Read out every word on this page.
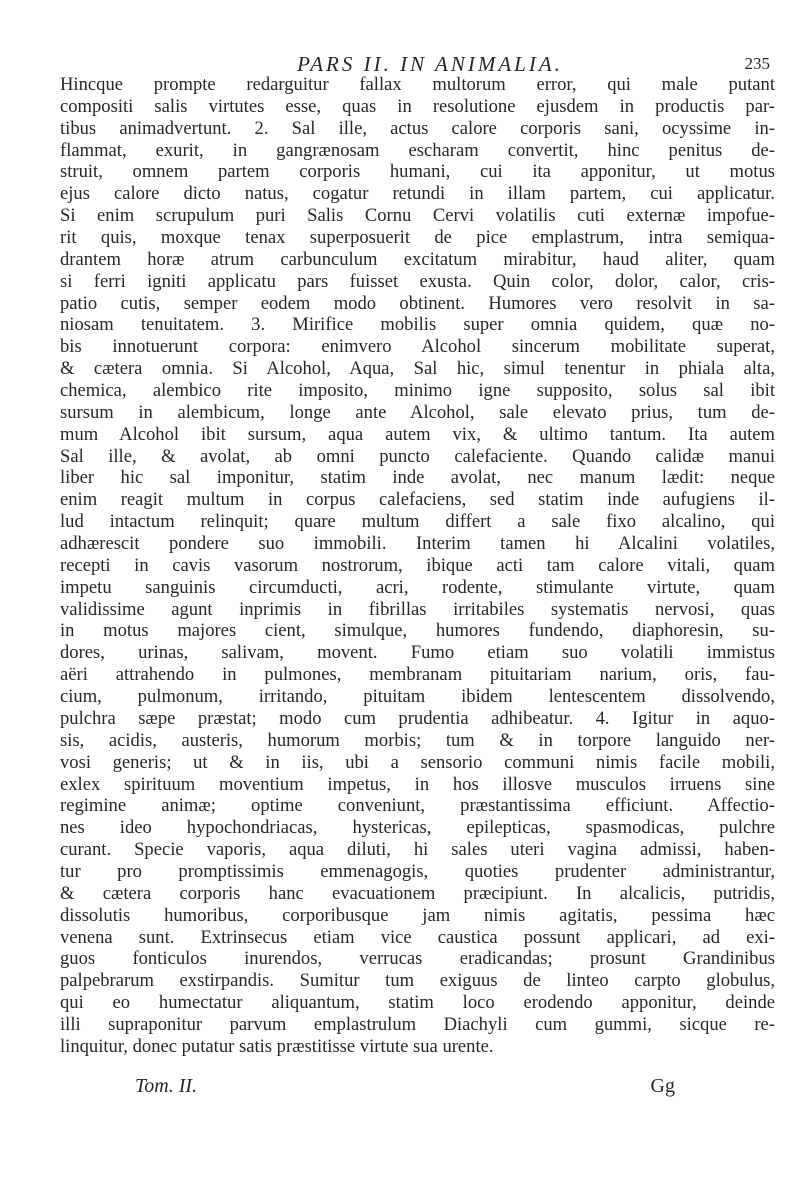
PARS II. IN ANIMALIA.	235
Hincque prompte redarguitur fallax multorum error, qui male putant
compositi salis virtutes esse, quas in resolutione ejusdem in productis par-
tibus animadvertunt. 2. Sal ille, actus calore corporis sani, ocyssime in-
flammat, exurit, in gangrænosam escharam convertit, hinc penitus de-
struit, omnem partem corporis humani, cui ita apponitur, ut motus
ejus calore dicto natus, cogatur retundi in illam partem, cui applicatur.
Si enim scrupulum puri Salis Cornu Cervi volatilis cuti externæ impofue-
rit quis, moxque tenax superposuerit de pice emplastrum, intra semiqua-
drantem horæ atrum carbunculum excitatum mirabitur, haud aliter, quam
si ferri igniti applicatu pars fuisset exusta. Quin color, dolor, calor, cris-
patio cutis, semper eodem modo obtinent. Humores vero resolvit in sa-
niosam tenuitatem. 3. Mirifice mobilis super omnia quidem, quæ no-
bis innotuerunt corpora: enimvero Alcohol sincerum mobilitate superat,
& cætera omnia. Si Alcohol, Aqua, Sal hic, simul tenentur in phiala alta,
chemica, alembico rite imposito, minimo igne supposito, solus sal ibit
sursum in alembicum, longe ante Alcohol, sale elevato prius, tum de-
mum Alcohol ibit sursum, aqua autem vix, & ultimo tantum. Ita autem
Sal ille, & avolat, ab omni puncto calefaciente. Quando calidæ manui
liber hic sal imponitur, statim inde avolat, nec manum lædit: neque
enim reagit multum in corpus calefaciens, sed statim inde aufugiens il-
lud intactum relinquit; quare multum differt a sale fixo alcalino, qui
adhærescit pondere suo immobili. Interim tamen hi Alcalini volatiles,
recepti in cavis vasorum nostrorum, ibique acti tam calore vitali, quam
impetu sanguinis circumducti, acri, rodente, stimulante virtute, quam
validissime agunt inprimis in fibrillas irritabiles systematis nervosi, quas
in motus majores cient, simulque, humores fundendo, diaphoresin, su-
dores, urinas, salivam, movent. Fumo etiam suo volatili immistus
aëri attrahendo in pulmones, membranam pituitariam narium, oris, fau-
cium, pulmonum, irritando, pituitam ibidem lentescentem dissolvendo,
pulchra sæpe præstat; modo cum prudentia adhibeatur. 4. Igitur in aquo-
sis, acidis, austeris, humorum morbis; tum & in torpore languido ner-
vosi generis; ut & in iis, ubi a sensorio communi nimis facile mobili,
exlex spirituum moventium impetus, in hos illosve musculos irruens sine
regimine animæ; optime conveniunt, præstantissima efficiunt. Affectio-
nes ideo hypochondriacas, hystericas, epilepticas, spasmodicas, pulchre
curant. Specie vaporis, aqua diluti, hi sales uteri vagina admissi, haben-
tur pro promptissimis emmenagogis, quoties prudenter administrantur,
& cætera corporis hanc evacuationem præcipiunt. In alcalicis, putridis,
dissolutis humoribus, corporibusque jam nimis agitatis, pessima hæc
venena sunt. Extrinsecus etiam vice caustica possunt applicari, ad exi-
guos fonticulos inurendos, verrucas eradicandas; prosunt Grandinibus
palpebrarum exstirpandis. Sumitur tum exiguus de linteo carpto globulus,
qui eo humectatur aliquantum, statim loco erodendo apponitur, deinde
illi supraponitur parvum emplastrulum Diachyli cum gummi, sicque re-
linquitur, donec putatur satis præstitisse virtute sua urente.
Tom. II.	Gg
